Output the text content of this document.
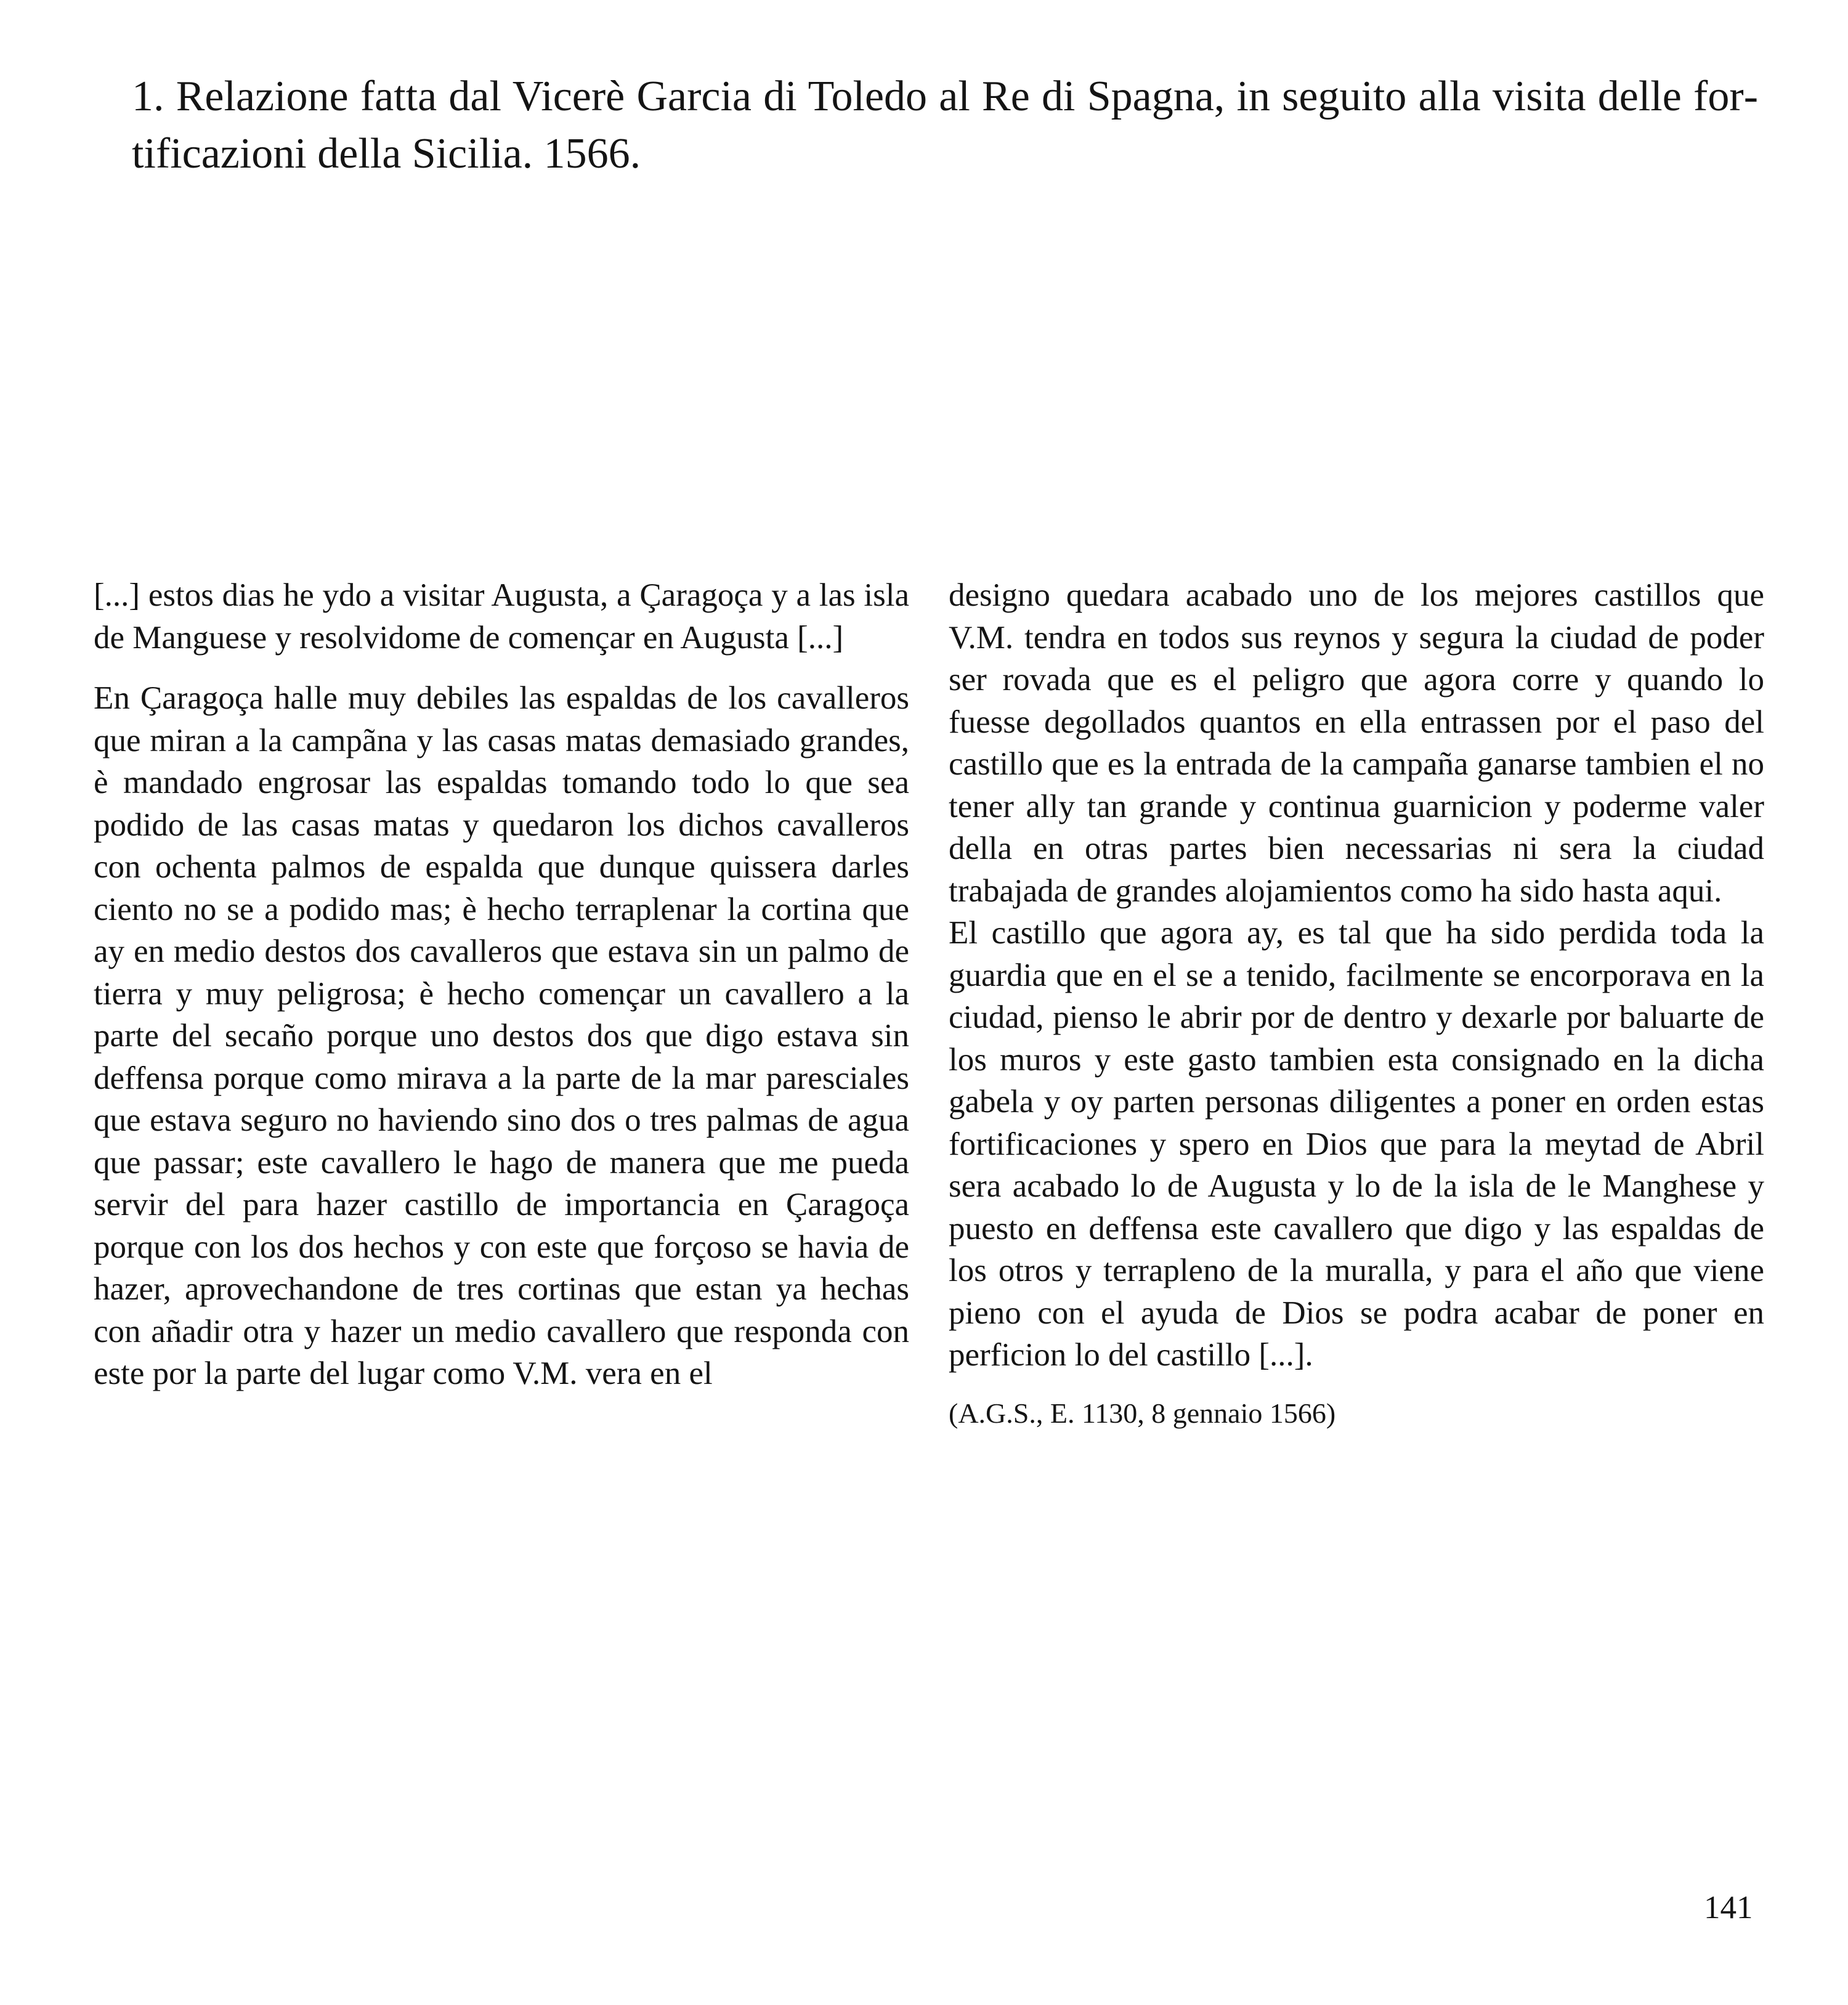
1. Relazione fatta dal Vicerè Garcia di Toledo al Re di Spagna, in seguito alla visita delle fortificazioni della Sicilia. 1566.

[...] estos dias he ydo a visitar Augusta, a Çaragoça y a las isla de Manguese y resolvidome de començar en Augusta [...]

En Çaragoça halle muy debiles las espaldas de los cavalleros que miran a la campãna y las casas matas demasiado grandes, è mandado engrosar las espaldas tomando todo lo que sea podido de las casas matas y quedaron los dichos cavalleros con ochenta palmos de espalda que dunque quissera darles ciento no se a podido mas; è hecho terraplenar la cortina que ay en medio destos dos cavalleros que estava sin un palmo de tierra y muy peligrosa; è hecho començar un cavallero a la parte del secaño porque uno destos dos que digo estava sin deffensa porque como mirava a la parte de la mar paresciales que estava seguro no haviendo sino dos o tres palmas de agua que passar; este cavallero le hago de manera que me pueda servir del para hazer castillo de importancia en Çaragoça porque con los dos hechos y con este que forçoso se havia de hazer, aprovechandone de tres cortinas que estan ya hechas con añadir otra y hazer un medio cavallero que responda con este por la parte del lugar como V.M. vera en el

designo quedara acabado uno de los mejores castillos que V.M. tendra en todos sus reynos y segura la ciudad de poder ser rovada que es el peligro que agora corre y quando lo fuesse degollados quantos en ella entrassen por el paso del castillo que es la entrada de la campaña ganarse tambien el no tener ally tan grande y continua guarnicion y poderme valer della en otras partes bien necessarias ni sera la ciudad trabajada de grandes alojamientos como ha sido hasta aqui.

El castillo que agora ay, es tal que ha sido perdida toda la guardia que en el se a tenido, facilmente se encorporava en la ciudad, pienso le abrir por de dentro y dexarle por baluarte de los muros y este gasto tambien esta consignado en la dicha gabela y oy parten personas diligentes a poner en orden estas fortificaciones y spero en Dios que para la meytad de Abril sera acabado lo de Augusta y lo de la isla de le Manghese y puesto en deffensa este cavallero que digo y las espaldas de los otros y terrapleno de la muralla, y para el año que viene pieno con el ayuda de Dios se podra acabar de poner en perficion lo del castillo [...].

(A.G.S., E. 1130, 8 gennaio 1566)
141
